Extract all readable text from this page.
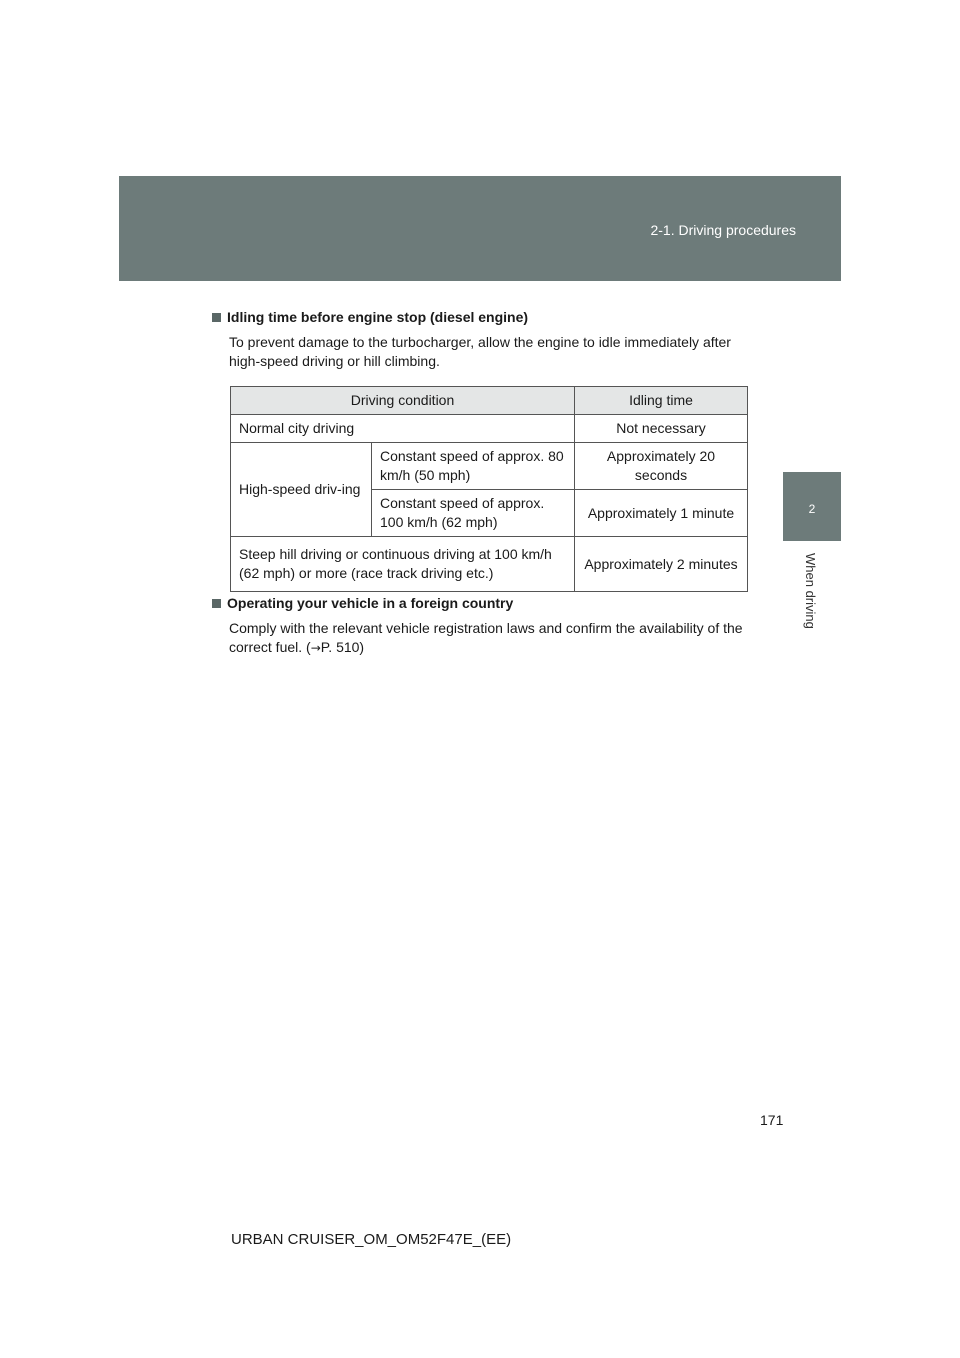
2-1. Driving procedures
2
When driving
Idling time before engine stop (diesel engine)
To prevent damage to the turbocharger, allow the engine to idle immediately after high-speed driving or hill climbing.
Driving condition		Idling time
Normal city driving		Not necessary
High-speed driv-ing	Constant speed of approx. 80 km/h (50 mph)	Approximately 20 seconds
	Constant speed of approx. 100 km/h (62 mph)	Approximately 1 minute
Steep hill driving or continuous driving at 100 km/h (62 mph) or more (race track driving etc.)		Approximately 2 minutes
Operating your vehicle in a foreign country
Comply with the relevant vehicle registration laws and confirm the availability of the correct fuel. (→P. 510)
171
URBAN CRUISER_OM_OM52F47E_(EE)
